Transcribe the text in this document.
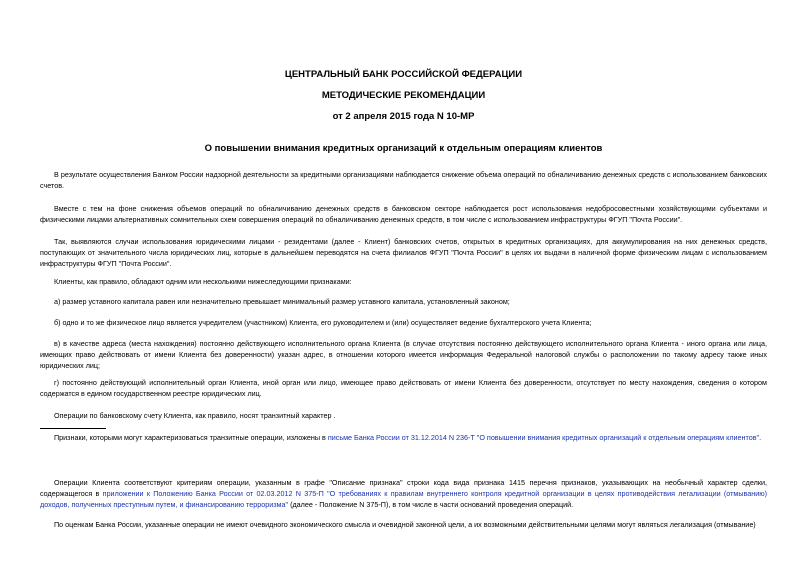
ЦЕНТРАЛЬНЫЙ БАНК РОССИЙСКОЙ ФЕДЕРАЦИИ
МЕТОДИЧЕСКИЕ РЕКОМЕНДАЦИИ
от 2 апреля 2015 года N 10-МР
О повышении внимания кредитных организаций к отдельным операциям клиентов
В результате осуществления Банком России надзорной деятельности за кредитными организациями наблюдается снижение объема операций по обналичиванию денежных средств с использованием банковских счетов.
Вместе с тем на фоне снижения объемов операций по обналичиванию денежных средств в банковском секторе наблюдается рост использования недобросовестными хозяйствующими субъектами и физическими лицами альтернативных сомнительных схем совершения операций по обналичиванию денежных средств, в том числе с использованием инфраструктуры ФГУП "Почта России".
Так, выявляются случаи использования юридическими лицами - резидентами (далее - Клиент) банковских счетов, открытых в кредитных организациях, для аккумулирования на них денежных средств, поступающих от значительного числа юридических лиц, которые в дальнейшем переводятся на счета филиалов ФГУП "Почта России" в целях их выдачи в наличной форме физическим лицам с использованием инфраструктуры ФГУП "Почта России".
Клиенты, как правило, обладают одним или несколькими нижеследующими признаками:
а) размер уставного капитала равен или незначительно превышает минимальный размер уставного капитала, установленный законом;
б) одно и то же физическое лицо является учредителем (участником) Клиента, его руководителем и (или) осуществляет ведение бухгалтерского учета Клиента;
в) в качестве адреса (места нахождения) постоянно действующего исполнительного органа Клиента (в случае отсутствия постоянно действующего исполнительного органа Клиента - иного органа или лица, имеющих право действовать от имени Клиента без доверенности) указан адрес, в отношении которого имеется информация Федеральной налоговой службы о расположении по такому адресу также иных юридических лиц;
г) постоянно действующий исполнительный орган Клиента, иной орган или лицо, имеющее право действовать от имени Клиента без доверенности, отсутствует по месту нахождения, сведения о котором содержатся в едином государственном реестре юридических лиц.
Операции по банковскому счету Клиента, как правило, носят транзитный характер .
Признаки, которыми могут характеризоваться транзитные операции, изложены в письме Банка России от 31.12.2014 N 236-Т "О повышении внимания кредитных организаций к отдельным операциям клиентов".
Операции Клиента соответствуют критериям операции, указанным в графе "Описание признака" строки кода вида признака 1415 перечня признаков, указывающих на необычный характер сделки, содержащегося в приложении к Положению Банка России от 02.03.2012 N 375-П "О требованиях к правилам внутреннего контроля кредитной организации в целях противодействия легализации (отмыванию) доходов, полученных преступным путем, и финансированию терроризма" (далее - Положение N 375-П), в том числе в части оснований проведения операций.
По оценкам Банка России, указанные операции не имеют очевидного экономического смысла и очевидной законной цели, а их возможными действительными целями могут являться легализация (отмывание)
